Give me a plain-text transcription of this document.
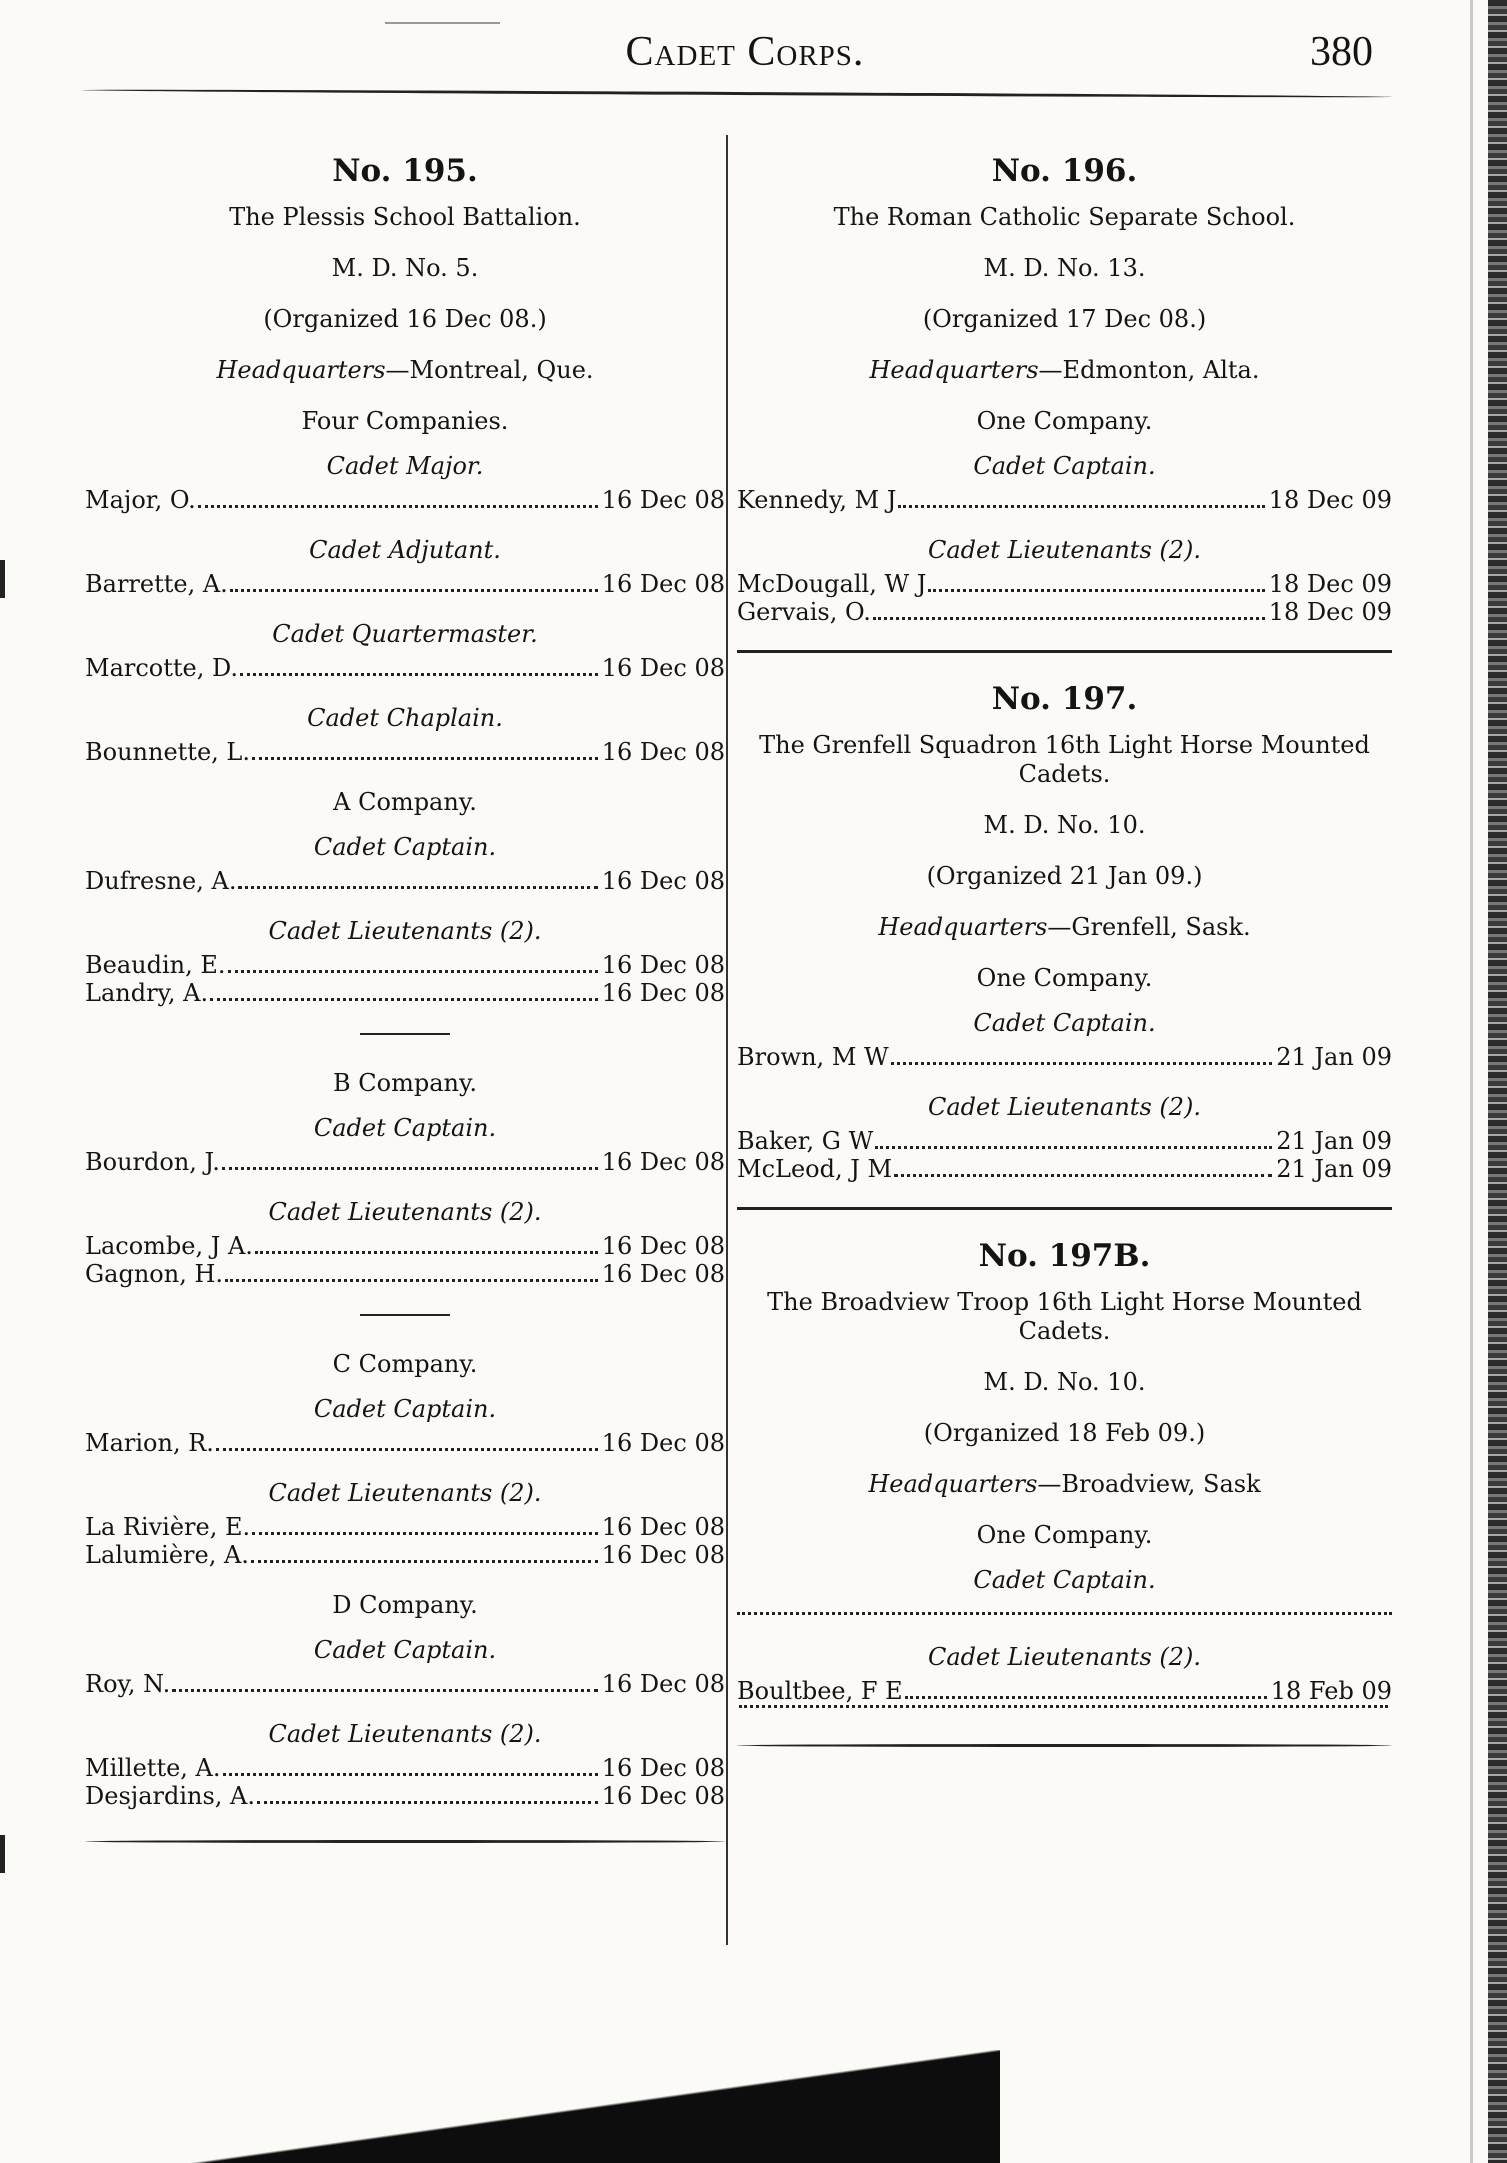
Cadet Corps.	380
No. 195.
The Plessis School Battalion.
M. D. No. 5.
(Organized 16 Dec 08.)
Headquarters—Montreal, Que.
Four Companies.
Cadet Major.
Major, O.	16 Dec 08
Cadet Adjutant.
Barrette, A.	16 Dec 08
Cadet Quartermaster.
Marcotte, D.	16 Dec 08
Cadet Chaplain.
Bounnette, L.	16 Dec 08
A Company.
Cadet Captain.
Dufresne, A.	16 Dec 08
Cadet Lieutenants (2).
Beaudin, E.	16 Dec 08
Landry, A.	16 Dec 08
B Company.
Cadet Captain.
Bourdon, J.	16 Dec 08
Cadet Lieutenants (2).
Lacombe, J A.	16 Dec 08
Gagnon, H.	16 Dec 08
C Company.
Cadet Captain.
Marion, R.	16 Dec 08
Cadet Lieutenants (2).
La Rivière, E.	16 Dec 08
Lalumière, A.	16 Dec 08
D Company.
Cadet Captain.
Roy, N.	16 Dec 08
Cadet Lieutenants (2).
Millette, A.	16 Dec 08
Desjardins, A.	16 Dec 08
No. 196.
The Roman Catholic Separate School.
M. D. No. 13.
(Organized 17 Dec 08.)
Headquarters—Edmonton, Alta.
One Company.
Cadet Captain.
Kennedy, M J	18 Dec 09
Cadet Lieutenants (2).
McDougall, W J	18 Dec 09
Gervais, O.	18 Dec 09
No. 197.
The Grenfell Squadron 16th Light Horse Mounted Cadets.
M. D. No. 10.
(Organized 21 Jan 09.)
Headquarters—Grenfell, Sask.
One Company.
Cadet Captain.
Brown, M W	21 Jan 09
Cadet Lieutenants (2).
Baker, G W	21 Jan 09
McLeod, J M	21 Jan 09
No. 197B.
The Broadview Troop 16th Light Horse Mounted Cadets.
M. D. No. 10.
(Organized 18 Feb 09.)
Headquarters—Broadview, Sask
One Company.
Cadet Captain.
Cadet Lieutenants (2).
Boultbee, F E	18 Feb 09
